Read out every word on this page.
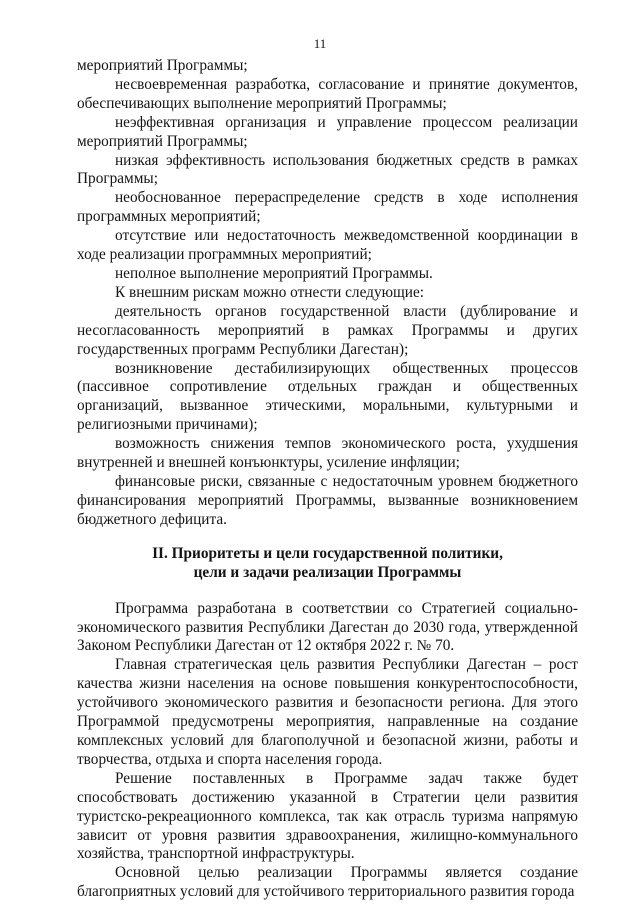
11

мероприятий Программы;

несвоевременная разработка, согласование и принятие документов, обеспечивающих выполнение мероприятий Программы;

неэффективная организация и управление процессом реализации мероприятий Программы;

низкая эффективность использования бюджетных средств в рамках Программы;

необоснованное перераспределение средств в ходе исполнения программных мероприятий;

отсутствие или недостаточность межведомственной координации в ходе реализации программных мероприятий;

неполное выполнение мероприятий Программы.

К внешним рискам можно отнести следующие:

деятельность органов государственной власти (дублирование и несогласованность мероприятий в рамках Программы и других государственных программ Республики Дагестан);

возникновение дестабилизирующих общественных процессов (пассивное сопротивление отдельных граждан и общественных организаций, вызванное этическими, моральными, культурными и религиозными причинами);

возможность снижения темпов экономического роста, ухудшения внутренней и внешней конъюнктуры, усиление инфляции;

финансовые риски, связанные с недостаточным уровнем бюджетного финансирования мероприятий Программы, вызванные возникновением бюджетного дефицита.

II. Приоритеты и цели государственной политики,
цели и задачи реализации Программы

Программа разработана в соответствии со Стратегией социально-экономического развития Республики Дагестан до 2030 года, утвержденной Законом Республики Дагестан от 12 октября 2022 г. № 70.

Главная стратегическая цель развития Республики Дагестан – рост качества жизни населения на основе повышения конкурентоспособности, устойчивого экономического развития и безопасности региона. Для этого Программой предусмотрены мероприятия, направленные на создание комплексных условий для благополучной и безопасной жизни, работы и творчества, отдыха и спорта населения города.

Решение поставленных в Программе задач также будет способствовать достижению указанной в Стратегии цели развития туристско-рекреационного комплекса, так как отрасль туризма напрямую зависит от уровня развития здравоохранения, жилищно-коммунального хозяйства, транспортной инфраструктуры.

Основной целью реализации Программы является создание благоприятных условий для устойчивого территориального развития города
